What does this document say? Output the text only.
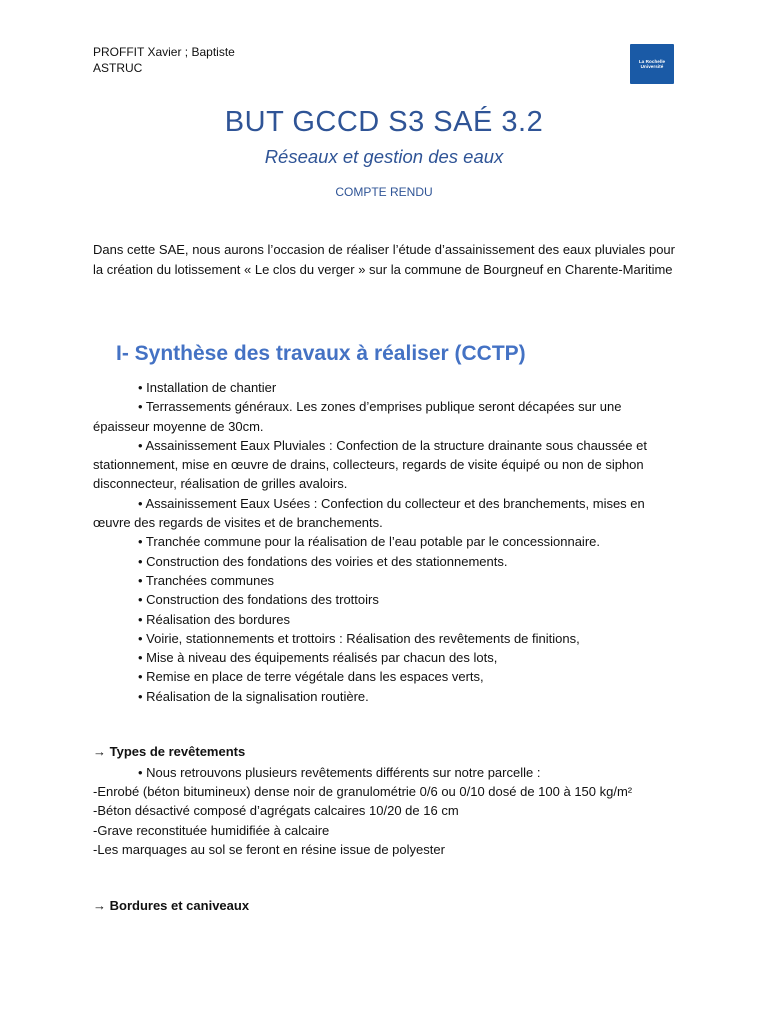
PROFFIT Xavier ; Baptiste
ASTRUC	La Rochelle
Université
BUT GCCD S3 SAÉ 3.2
Réseaux et gestion des eaux
COMPTE RENDU
Dans cette SAE, nous aurons l’occasion de réaliser l’étude d’assainissement des eaux pluviales pour la création du lotissement « Le clos du verger » sur la commune de Bourgneuf en Charente-Maritime
I- Synthèse des travaux à réaliser (CCTP)
• Installation de chantier
• Terrassements généraux. Les zones d’emprises publique seront décapées sur une épaisseur moyenne de 30cm.
• Assainissement Eaux Pluviales : Confection de la structure drainante sous chaussée et stationnement, mise en œuvre de drains, collecteurs, regards de visite équipé ou non de siphon disconnecteur, réalisation de grilles avaloirs.
• Assainissement Eaux Usées : Confection du collecteur et des branchements, mises en œuvre des regards de visites et de branchements.
• Tranchée commune pour la réalisation de l’eau potable par le concessionnaire.
• Construction des fondations des voiries et des stationnements.
• Tranchées communes
• Construction des fondations des trottoirs
• Réalisation des bordures
• Voirie, stationnements et trottoirs : Réalisation des revêtements de finitions,
• Mise à niveau des équipements réalisés par chacun des lots,
• Remise en place de terre végétale dans les espaces verts,
• Réalisation de la signalisation routière.
→ Types de revêtements
• Nous retrouvons plusieurs revêtements différents sur notre parcelle :
-Enrobé (béton bitumineux) dense noir de granulométrie 0/6 ou 0/10 dosé de 100 à 150 kg/m²
-Béton désactivé composé d’agrégats calcaires 10/20 de 16 cm
-Grave reconstituée humidifiée à calcaire
-Les marquages au sol se feront en résine issue de polyester
→ Bordures et caniveaux
